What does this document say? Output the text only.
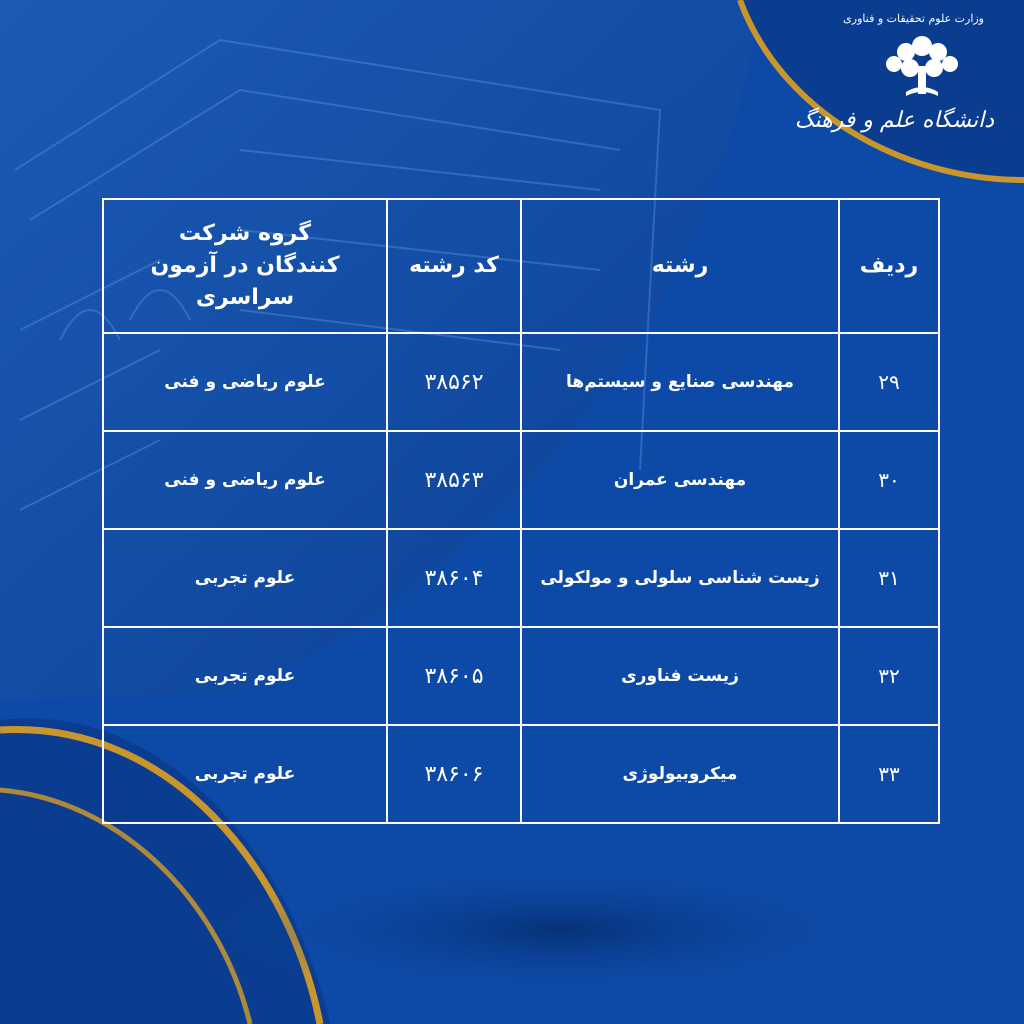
وزارت علوم تحقیقات و فناوری
دانشگاه علم و فرهنگ
ردیف	رشته	کد رشته	گروه شرکت کنندگان در آزمون سراسری
۲۹	مهندسی صنایع و سیستم‌ها	۳۸۵۶۲	علوم ریاضی و فنی
۳۰	مهندسی عمران	۳۸۵۶۳	علوم ریاضی و فنی
۳۱	زیست شناسی سلولی و مولکولی	۳۸۶۰۴	علوم تجربی
۳۲	زیست فناوری	۳۸۶۰۵	علوم تجربی
۳۳	میکروبیولوژی	۳۸۶۰۶	علوم تجربی
